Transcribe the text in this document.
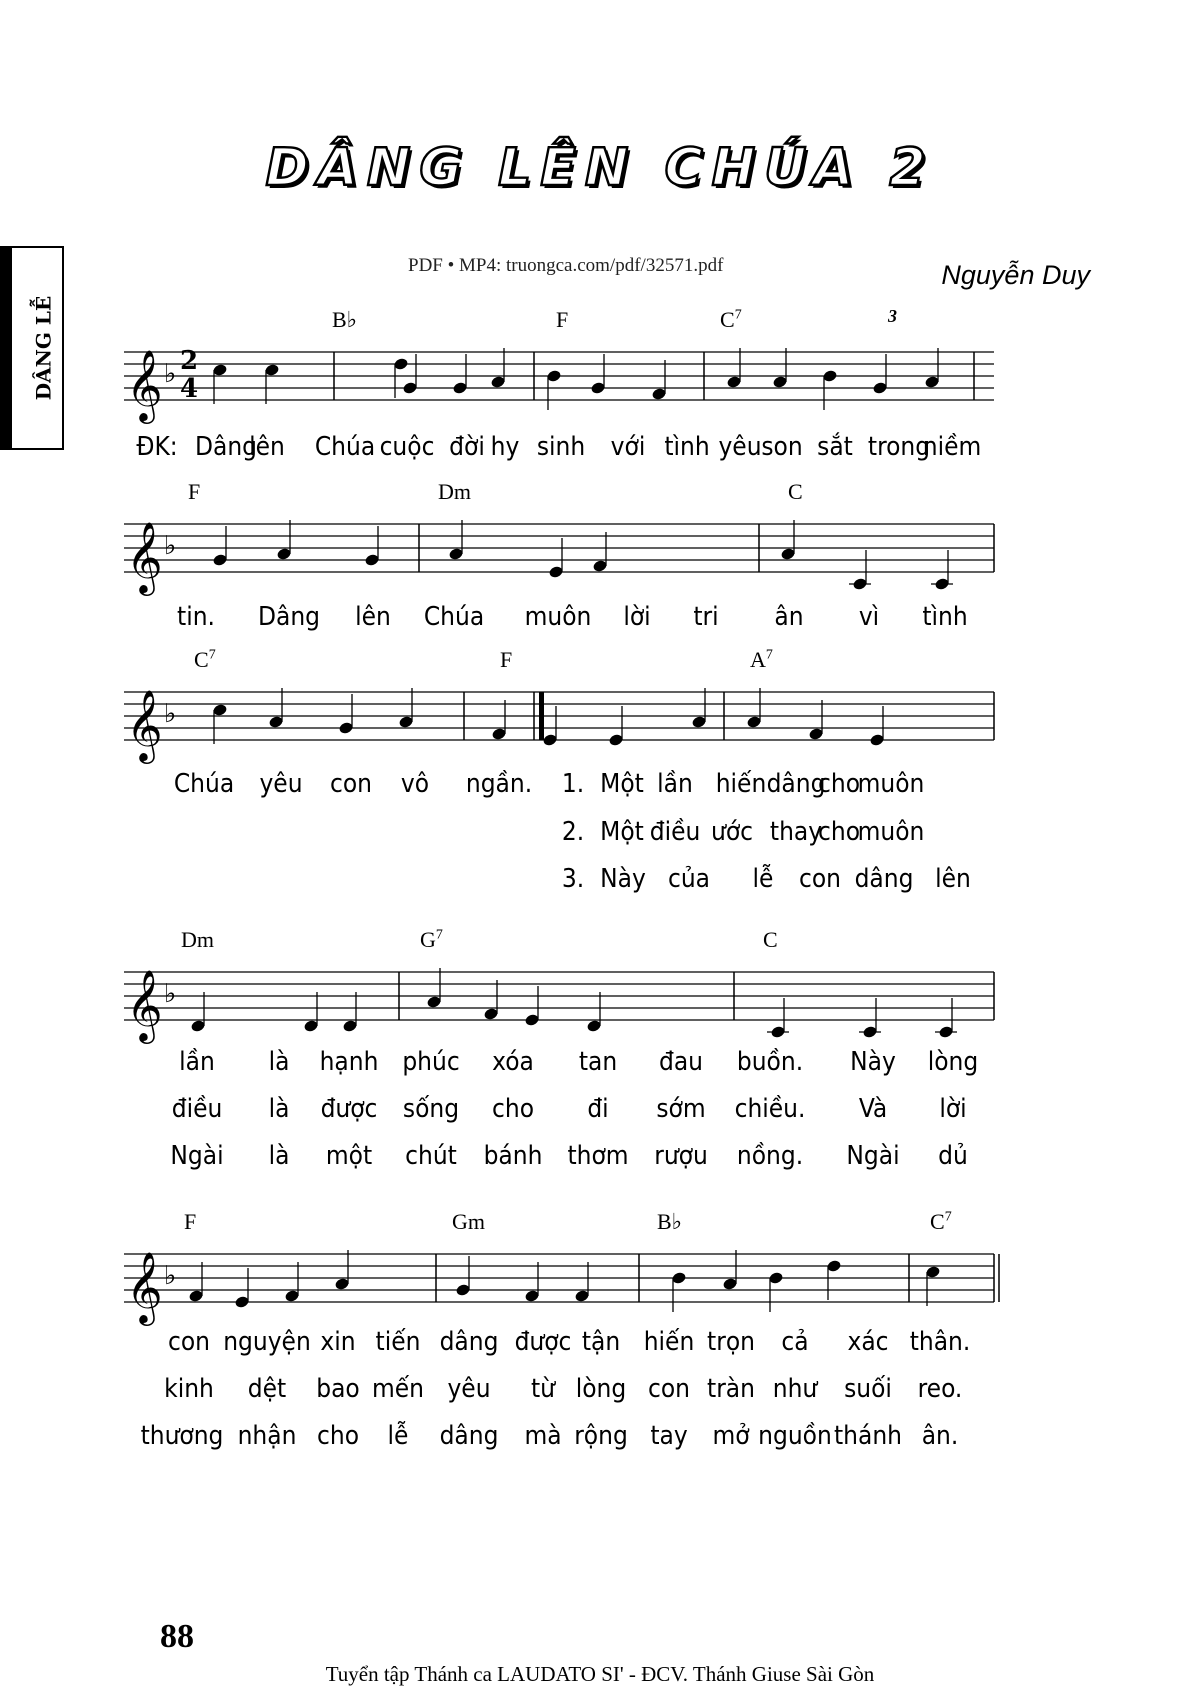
DÂNG LÊN CHÚA 2
DÂNG LỄ
PDF • MP4: truongca.com/pdf/32571.pdf	Nguyễn Duy
𝄞 ♭ 2
4
B♭	F	$C^7$	3
ĐK: Dâng
lên Chúa cuộc đời hy sinh với tình yêu son sắt trong
niềm
𝄞 ♭
F	Dm	C
tin. Dâng lên Chúa muôn lời tri ân vì tình
𝄞 ♭
$C^7$	F	$A^7$
Chúa yêu con vô ngần. 1. Một lần hiến dâng
cho
muôn
2. Một điều ước thay
cho
muôn
3. Này của lễ con dâng lên
𝄞 ♭
Dm	$G^7$	C
lần là hạnh phúc xóa tan đau buồn. Này lòng
điều là được sống cho đi sớm chiều. Và lời
Ngài là một chút bánh thơm rượu nồng. Ngài dủ
𝄞 ♭
F	Gm	B♭	$C^7$
con nguyện xin tiến dâng được tận hiến trọn cả xác thân.
kinh dệt bao mến yêu từ lòng con tràn như suối reo.
thương nhận cho lễ dâng mà rộng tay mở nguồn thánh ân.
88
Tuyển tập Thánh ca LAUDATO SI' - ĐCV. Thánh Giuse Sài Gòn
